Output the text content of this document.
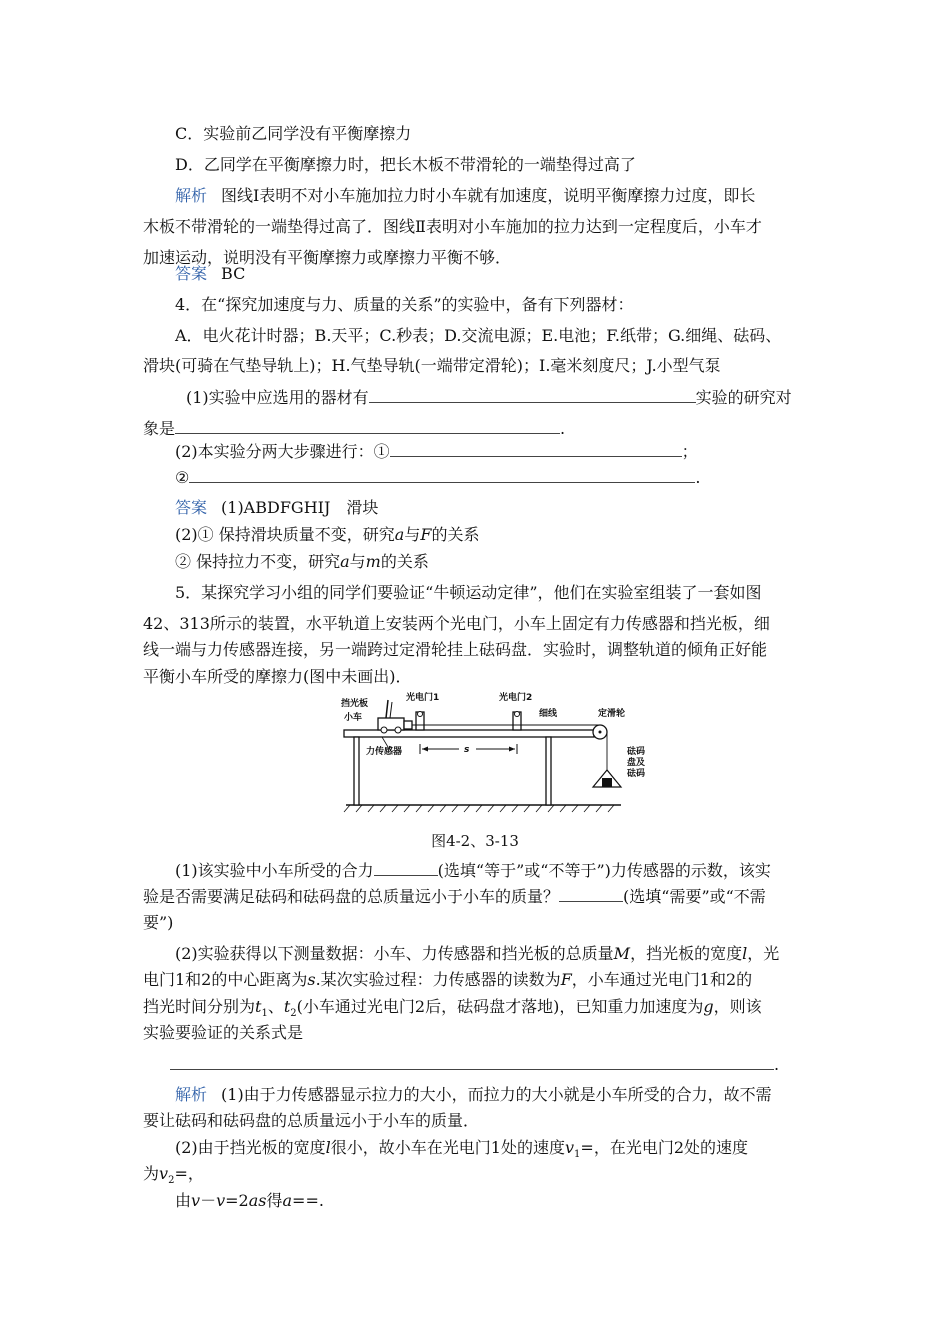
C．实验前乙同学没有平衡摩擦力
D．乙同学在平衡摩擦力时，把长木板不带滑轮的一端垫得过高了
解析 图线Ⅰ表明不对小车施加拉力时小车就有加速度，说明平衡摩擦力过度，即长
木板不带滑轮的一端垫得过高了．图线Ⅱ表明对小车施加的拉力达到一定程度后，小车才
加速运动，说明没有平衡摩擦力或摩擦力平衡不够．
答案 BC
4．在“探究加速度与力、质量的关系”的实验中，备有下列器材：
A．电火花计时器；B.天平；C.秒表；D.交流电源；E.电池；F.纸带；G.细绳、砝码、
滑块(可骑在气垫导轨上)；H.气垫导轨(一端带定滑轮)；I.毫米刻度尺；J.小型气泵
(1)实验中应选用的器材有	实验的研究对
象是	.
(2)本实验分两大步骤进行：①	；
②	.
答案 (1)ABDFGHIJ　滑块
(2)① 保持滑块质量不变，研究a与F的关系
② 保持拉力不变，研究a与m的关系
5．某探究学习小组的同学们要验证“牛顿运动定律”，他们在实验室组装了一套如图
42、313所示的装置，水平轨道上安装两个光电门，小车上固定有力传感器和挡光板，细
线一端与力传感器连接，另一端跨过定滑轮挂上砝码盘．实验时，调整轨道的倾角正好能
平衡小车所受的摩擦力(图中未画出)．
挡光板
小车
光电门1	光电门2
细线	定滑轮
力传感器	s	砝码
盘及
砝码
图4-2、3-13
(1)该实验中小车所受的合力	(选填“等于”或“不等于”)力传感器的示数，该实
验是否需要满足砝码和砝码盘的总质量远小于小车的质量？	(选填“需要”或“不需
要”)
(2)实验获得以下测量数据：小车、力传感器和挡光板的总质量M，挡光板的宽度l，光
电门1和2的中心距离为s.某次实验过程：力传感器的读数为F，小车通过光电门1和2的
挡光时间分别为$t_1$、$t_2$(小车通过光电门2后，砝码盘才落地)，已知重力加速度为g，则该
实验要验证的关系式是
.
解析 (1)由于力传感器显示拉力的大小，而拉力的大小就是小车所受的合力，故不需
要让砝码和砝码盘的总质量远小于小车的质量．
(2)由于挡光板的宽度l很小，故小车在光电门1处的速度$v_1=$，在光电门2处的速度
为$v_2=$，
由v－v=2as得a==.
